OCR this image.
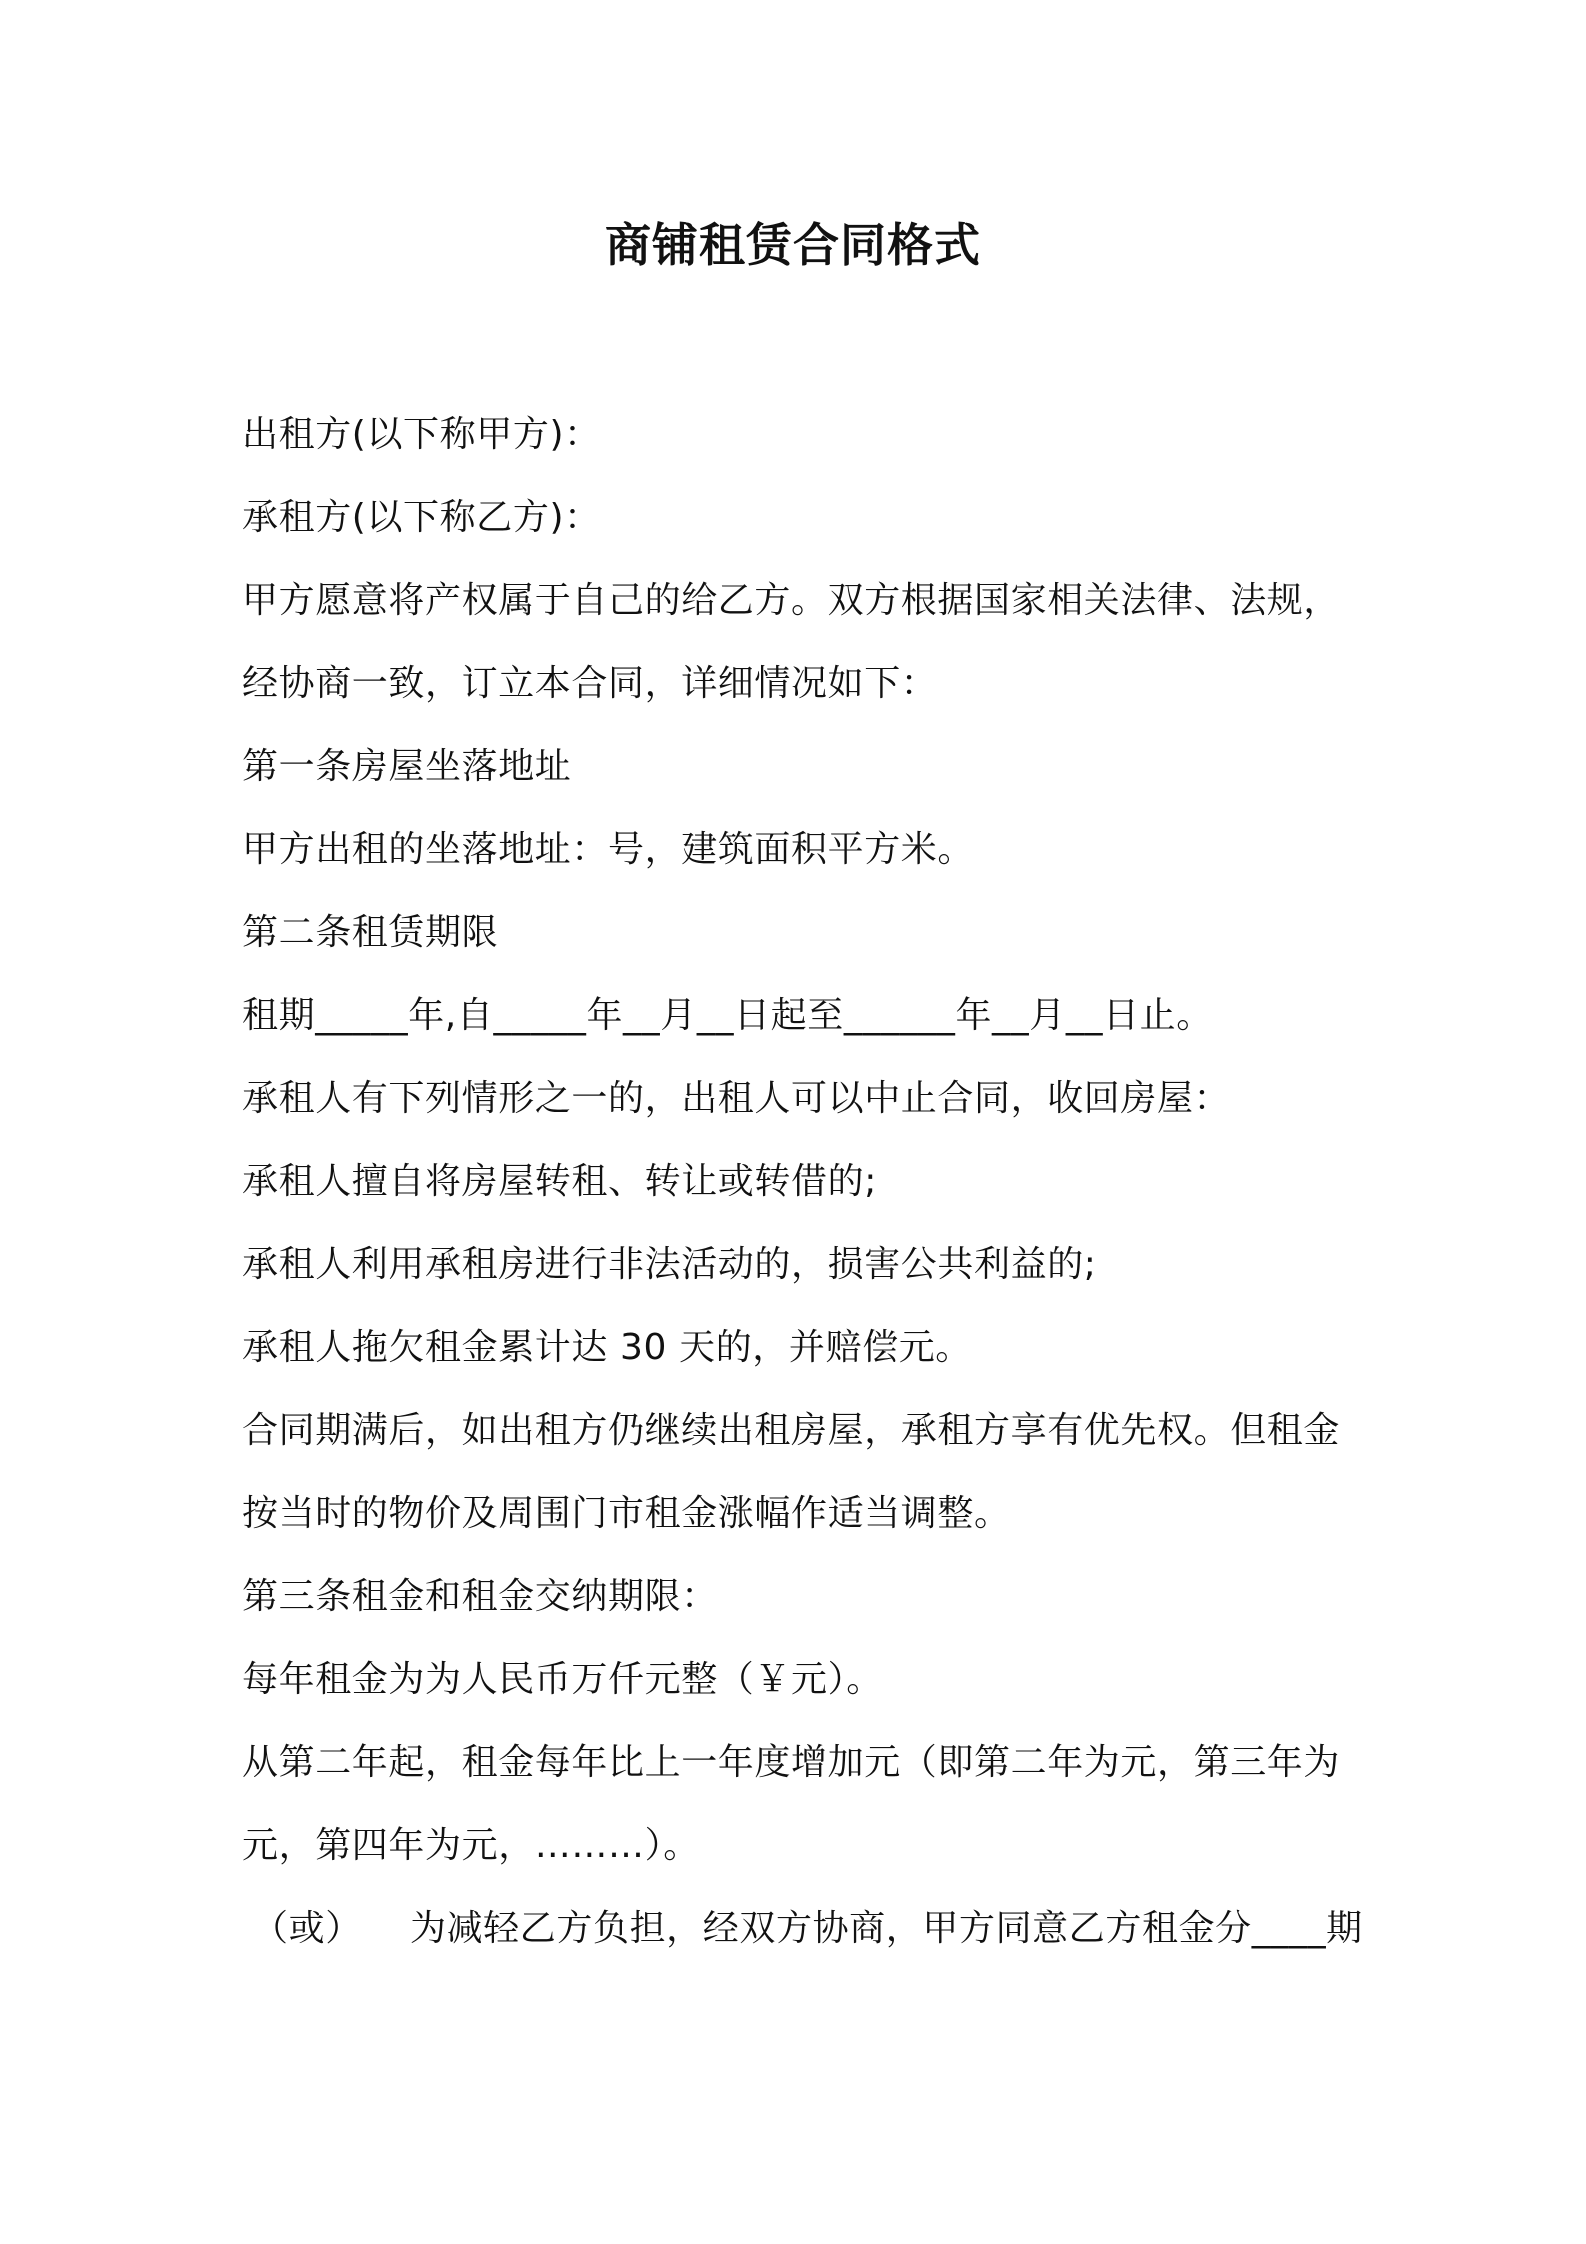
商铺租赁合同格式
出租方(以下称甲方)：
承租方(以下称乙方)：
甲方愿意将产权属于自己的给乙方。双方根据国家相关法律、法规，
经协商一致，订立本合同，详细情况如下：
第一条房屋坐落地址
甲方出租的坐落地址：号，建筑面积平方米。
第二条租赁期限
租期_____年,自_____年__月__日起至______年__月__日止。
承租人有下列情形之一的，出租人可以中止合同，收回房屋：
承租人擅自将房屋转租、转让或转借的;
承租人利用承租房进行非法活动的，损害公共利益的;
承租人拖欠租金累计达 30 天的，并赔偿元。
合同期满后，如出租方仍继续出租房屋，承租方享有优先权。但租金
按当时的物价及周围门市租金涨幅作适当调整。
第三条租金和租金交纳期限：
每年租金为为人民币万仟元整（￥元）。
从第二年起，租金每年比上一年度增加元（即第二年为元，第三年为
元，第四年为元，………）。
（或）    为减轻乙方负担，经双方协商，甲方同意乙方租金分____期
